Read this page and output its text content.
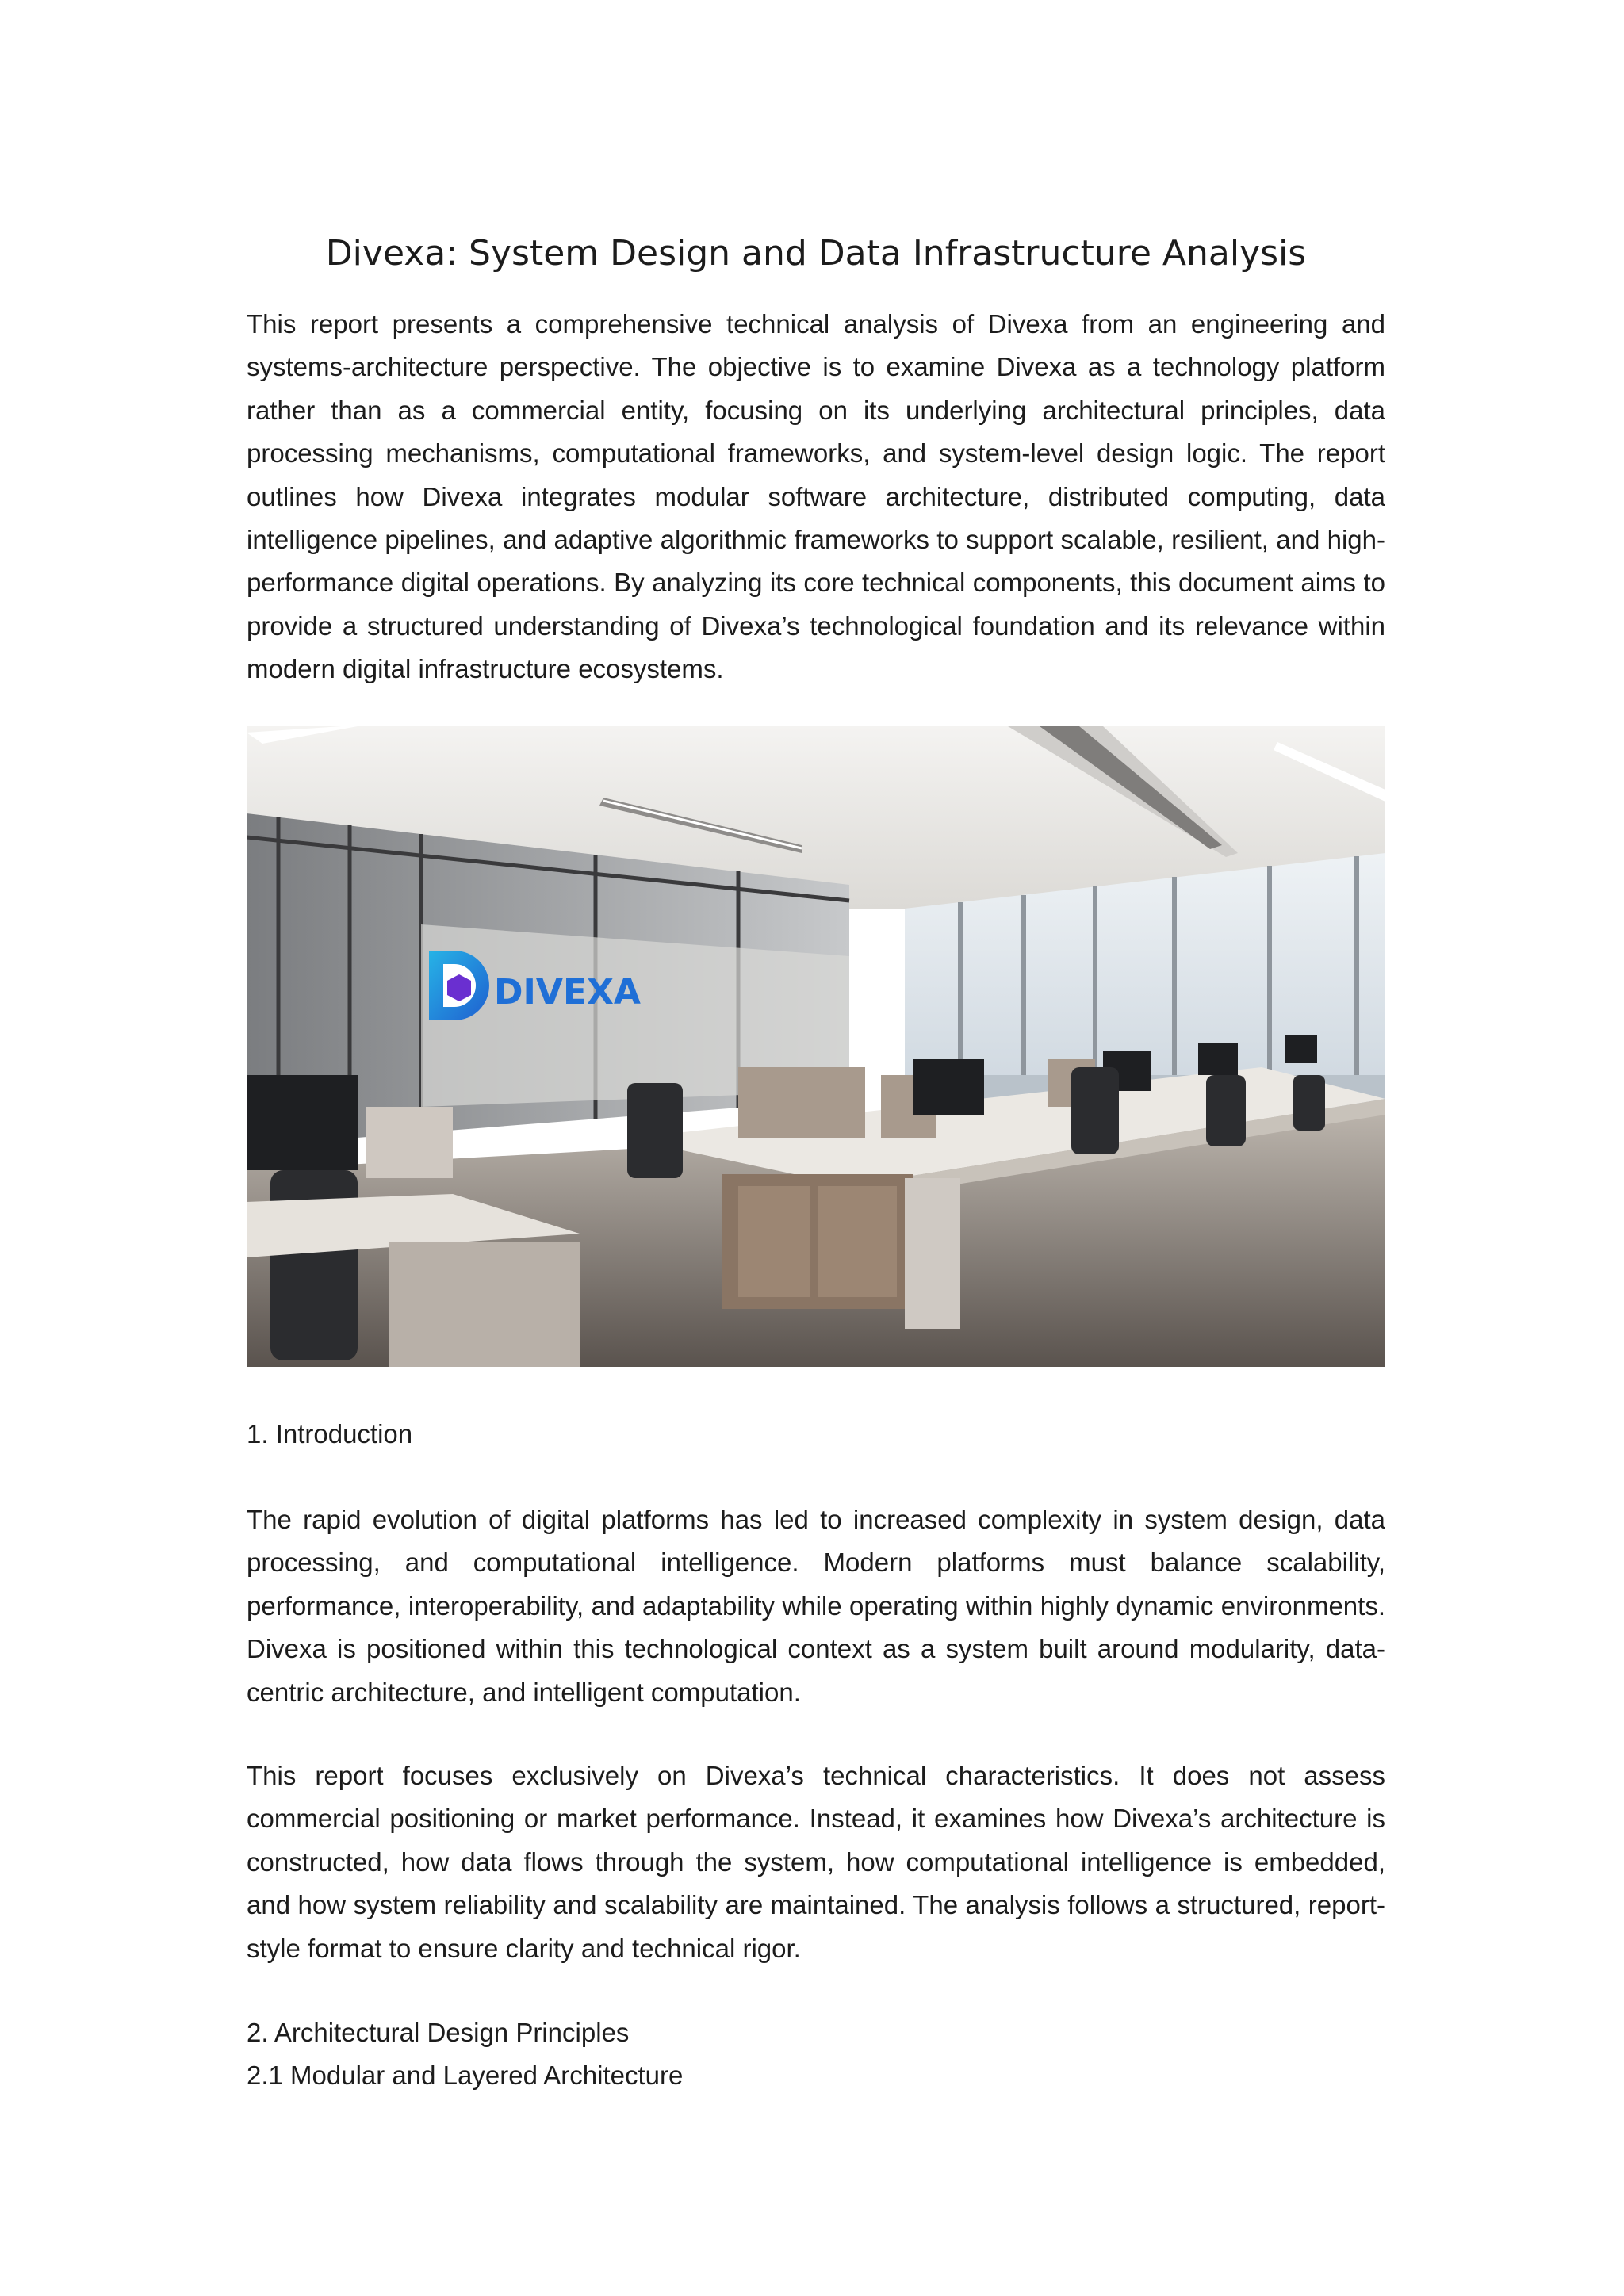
Divexa: System Design and Data Infrastructure Analysis

This report presents a comprehensive technical analysis of Divexa from an engineering and systems-architecture perspective. The objective is to examine Divexa as a technology platform rather than as a commercial entity, focusing on its underlying architectural principles, data processing mechanisms, computational frameworks, and system-level design logic. The report outlines how Divexa integrates modular software architecture, distributed computing, data intelligence pipelines, and adaptive algorithmic frameworks to support scalable, resilient, and high-performance digital operations. By analyzing its core technical components, this document aims to provide a structured understanding of Divexa’s technological foundation and its relevance within modern digital infrastructure ecosystems.

DIVEXA
1. Introduction

The rapid evolution of digital platforms has led to increased complexity in system design, data processing, and computational intelligence. Modern platforms must balance scalability, performance, interoperability, and adaptability while operating within highly dynamic environments. Divexa is positioned within this technological context as a system built around modularity, data-centric architecture, and intelligent computation.

This report focuses exclusively on Divexa’s technical characteristics. It does not assess commercial positioning or market performance. Instead, it examines how Divexa’s architecture is constructed, how data flows through the system, how computational intelligence is embedded, and how system reliability and scalability are maintained. The analysis follows a structured, report-style format to ensure clarity and technical rigor.

2. Architectural Design Principles
2.1 Modular and Layered Architecture
